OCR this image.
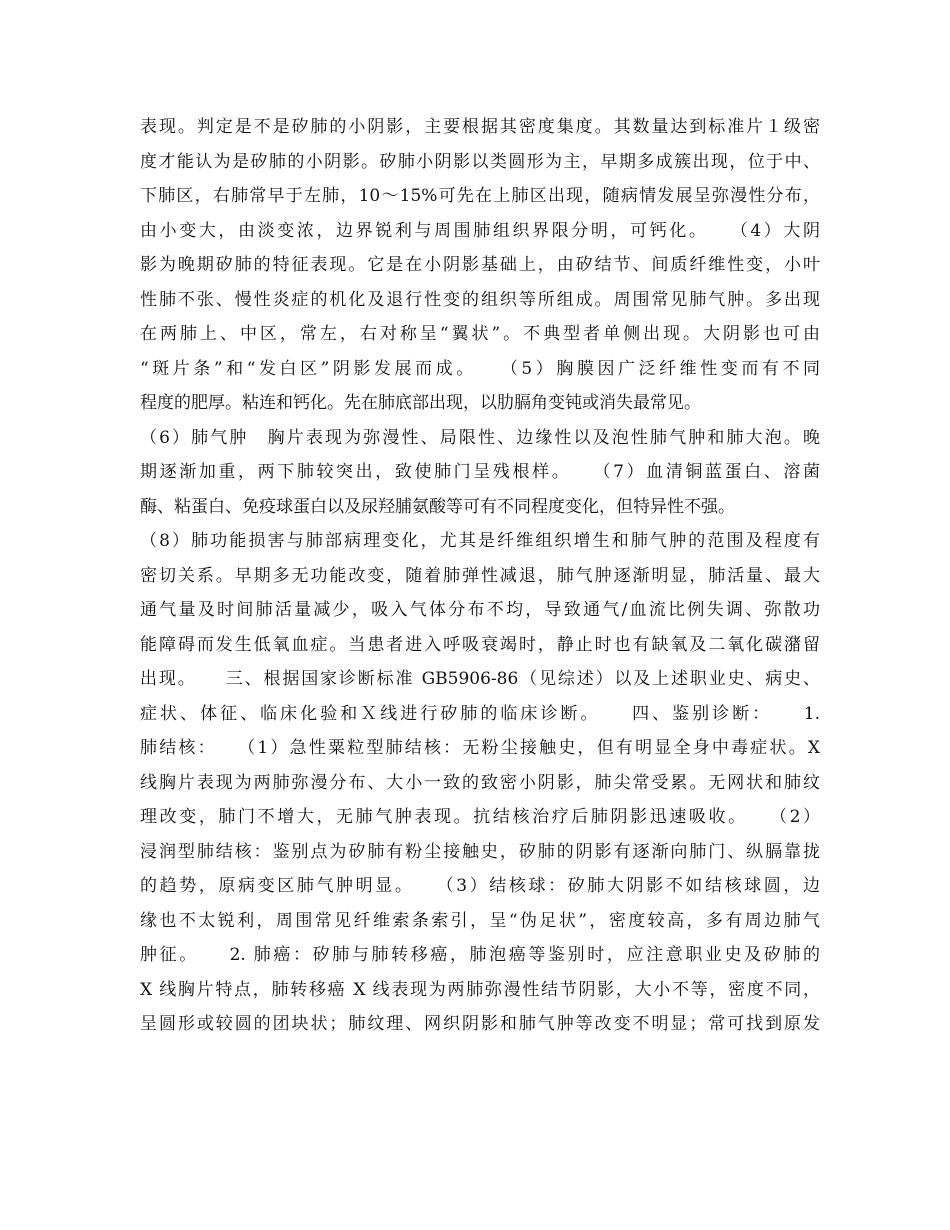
表现。判定是不是矽肺的小阴影，主要根据其密度集度。其数量达到标准片１级密
度才能认为是矽肺的小阴影。矽肺小阴影以类圆形为主，早期多成簇出现，位于中、
下肺区，右肺常早于左肺，10～15%可先在上肺区出现，随病情发展呈弥漫性分布，
由小变大，由淡变浓，边界锐利与周围肺组织界限分明，可钙化。　　（4）大阴
影为晚期矽肺的特征表现。它是在小阴影基础上，由矽结节、间质纤维性变，小叶
性肺不张、慢性炎症的机化及退行性变的组织等所组成。周围常见肺气肿。多出现
在两肺上、中区，常左，右对称呈“翼状”。不典型者单侧出现。大阴影也可由
“斑片条”和“发白区”阴影发展而成。　　（5）胸膜因广泛纤维性变而有不同
程度的肥厚。粘连和钙化。先在肺底部出现，以肋膈角变钝或消失最常见。
（6）肺气肿　胸片表现为弥漫性、局限性、边缘性以及泡性肺气肿和肺大泡。晚
期逐渐加重，两下肺较突出，致使肺门呈残根样。　　（7）血清铜蓝蛋白、溶菌
酶、粘蛋白、免疫球蛋白以及尿羟脯氨酸等可有不同程度变化，但特异性不强。
（8）肺功能损害与肺部病理变化，尤其是纤维组织增生和肺气肿的范围及程度有
密切关系。早期多无功能改变，随着肺弹性减退，肺气肿逐渐明显，肺活量、最大
通气量及时间肺活量减少，吸入气体分布不均，导致通气/血流比例失调、弥散功
能障碍而发生低氧血症。当患者进入呼吸衰竭时，静止时也有缺氧及二氧化碳潴留
出现。　　三、根据国家诊断标准 GB5906-86（见综述）以及上述职业史、病史、
症状、体征、临床化验和Ｘ线进行矽肺的临床诊断。　　四、鉴别诊断：　　1.
肺结核：　　（1）急性粟粒型肺结核：无粉尘接触史，但有明显全身中毒症状。X
线胸片表现为两肺弥漫分布、大小一致的致密小阴影，肺尖常受累。无网状和肺纹
理改变，肺门不增大，无肺气肿表现。抗结核治疗后肺阴影迅速吸收。　　（2）
浸润型肺结核：鉴别点为矽肺有粉尘接触史，矽肺的阴影有逐渐向肺门、纵膈靠拢
的趋势，原病变区肺气肿明显。　　（3）结核球：矽肺大阴影不如结核球圆，边
缘也不太锐利，周围常见纤维索条索引，呈“伪足状”，密度较高，多有周边肺气
肿征。　　2. 肺癌：矽肺与肺转移癌，肺泡癌等鉴别时，应注意职业史及矽肺的
X 线胸片特点，肺转移癌 X 线表现为两肺弥漫性结节阴影，大小不等，密度不同，
呈圆形或较圆的团块状；肺纹理、网织阴影和肺气肿等改变不明显；常可找到原发
